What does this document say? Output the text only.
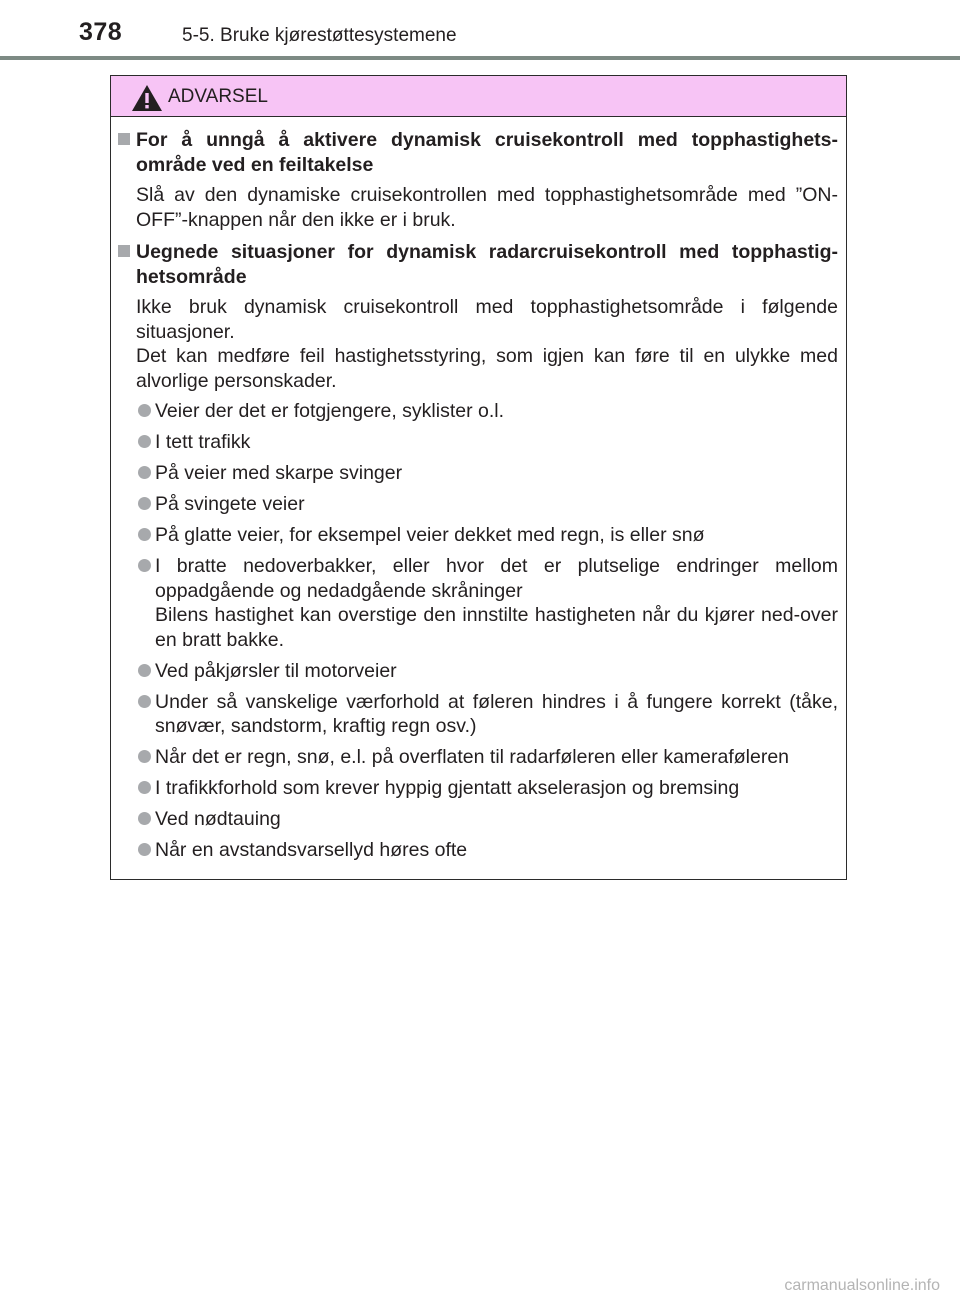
378	5-5. Bruke kjørestøttesystemene
ADVARSEL
For å unngå å aktivere dynamisk cruisekontroll med topphastighets-område ved en feiltakelse

Slå av den dynamiske cruisekontrollen med topphastighetsområde med ”ON-OFF”-knappen når den ikke er i bruk.

Uegnede situasjoner for dynamisk radarcruisekontroll med topphastig-hetsområde

Ikke bruk dynamisk cruisekontroll med topphastighetsområde i følgende situasjoner.

Det kan medføre feil hastighetsstyring, som igjen kan føre til en ulykke med alvorlige personskader.

Veier der det er fotgjengere, syklister o.l.

I tett trafikk

På veier med skarpe svinger

På svingete veier

På glatte veier, for eksempel veier dekket med regn, is eller snø

I bratte nedoverbakker, eller hvor det er plutselige endringer mellom oppadgående og nedadgående skråninger

Bilens hastighet kan overstige den innstilte hastigheten når du kjører ned-over en bratt bakke.

Ved påkjørsler til motorveier

Under så vanskelige værforhold at føleren hindres i å fungere korrekt (tåke, snøvær, sandstorm, kraftig regn osv.)

Når det er regn, snø, e.l. på overflaten til radarføleren eller kameraføleren

I trafikkforhold som krever hyppig gjentatt akselerasjon og bremsing

Ved nødtauing

Når en avstandsvarsellyd høres ofte

carmanualsonline.info
